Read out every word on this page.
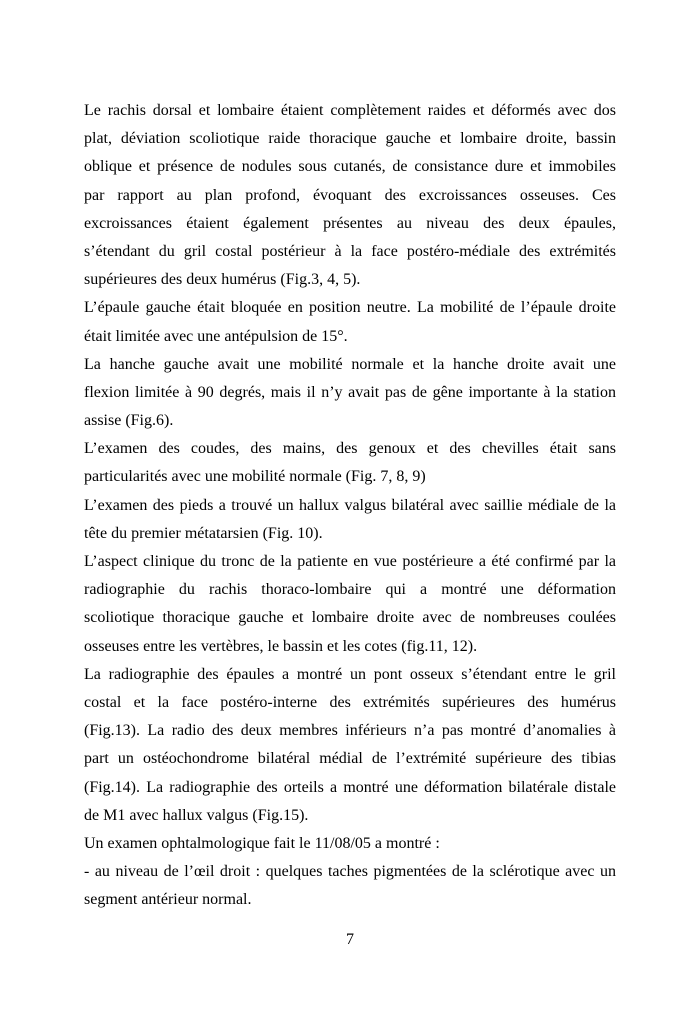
Le rachis dorsal et lombaire étaient complètement raides et déformés avec dos
plat, déviation scoliotique raide thoracique gauche et lombaire droite, bassin
oblique et présence de nodules sous cutanés, de consistance dure et immobiles
par rapport au plan profond, évoquant des excroissances osseuses. Ces
excroissances étaient également présentes au niveau des deux épaules,
s’étendant du gril costal postérieur à la face postéro-médiale des extrémités
supérieures des deux humérus (Fig.3, 4, 5).
L’épaule gauche était bloquée en position neutre. La mobilité de l’épaule droite
était limitée avec une antépulsion de 15°.
La hanche gauche avait une mobilité normale et la hanche droite avait une
flexion limitée à 90 degrés, mais il n’y avait pas de gêne importante à la station
assise (Fig.6).
L’examen des coudes, des mains, des genoux et des chevilles était sans
particularités avec une mobilité normale (Fig. 7, 8, 9)
L’examen des pieds a trouvé un hallux valgus bilatéral avec saillie médiale de la
tête du premier métatarsien (Fig. 10).
L’aspect clinique du tronc de la patiente en vue postérieure a été confirmé par la
radiographie du rachis thoraco-lombaire qui a montré une déformation
scoliotique thoracique gauche et lombaire droite avec de nombreuses coulées
osseuses entre les vertèbres, le bassin et les cotes (fig.11, 12).
La radiographie des épaules a montré un pont osseux s’étendant entre le gril
costal et la face postéro-interne des extrémités supérieures des humérus
(Fig.13). La radio des deux membres inférieurs n’a pas montré d’anomalies à
part un ostéochondrome bilatéral médial de l’extrémité supérieure des tibias
(Fig.14). La radiographie des orteils a montré une déformation bilatérale distale
de M1 avec hallux valgus (Fig.15).
Un examen ophtalmologique fait le 11/08/05 a montré :
- au niveau de l’œil droit : quelques taches pigmentées de la sclérotique avec un
segment antérieur normal.
7
